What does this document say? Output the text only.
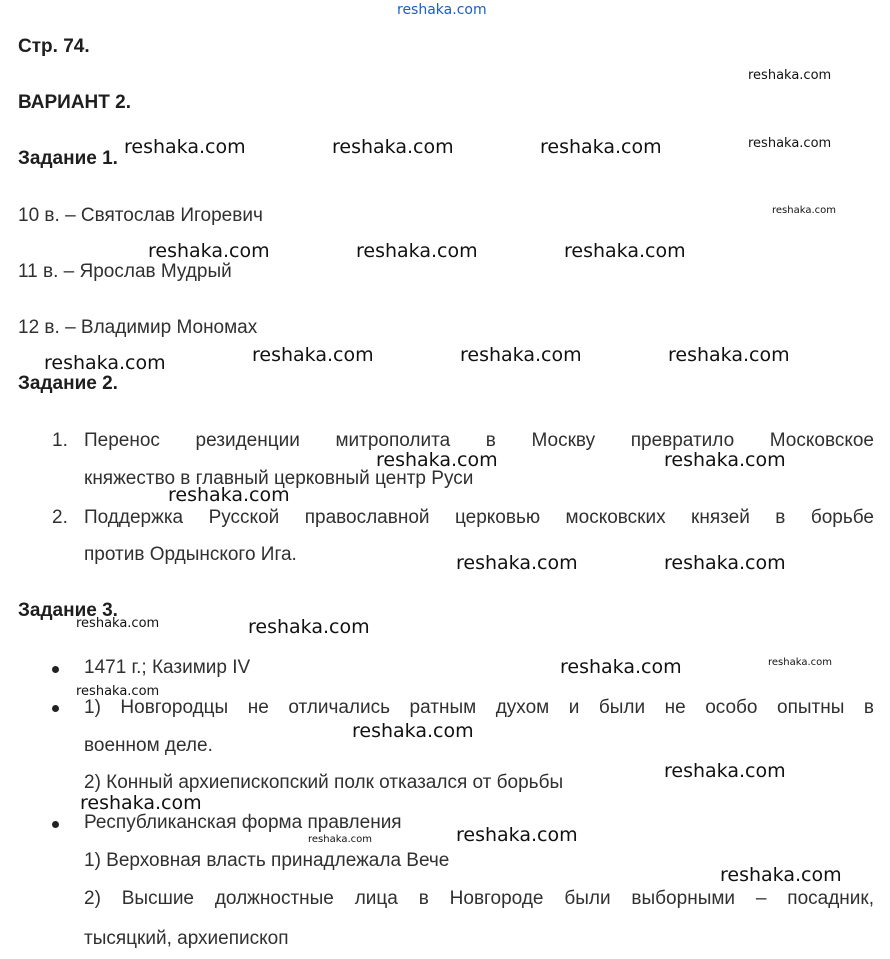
reshaka.com
Стр. 74.
ВАРИАНТ 2.
Задание 1.
10 в. – Святослав Игоревич
11 в. – Ярослав Мудрый
12 в. – Владимир Мономах
Задание 2.
1. Перенос резиденции митрополита в Москву превратило Московское
княжество в главный церковный центр Руси
2. Поддержка Русской православной церковью московских князей в борьбе
против Ордынского Ига.
Задание 3.
1471 г.; Казимир IV
1) Новгородцы не отличались ратным духом и были не особо опытны в
военном деле.
2) Конный архиепископский полк отказался от борьбы
Республиканская форма правления
1) Верховная власть принадлежала Вече
2) Высшие должностные лица в Новгороде были выборными – посадник,
тысяцкий, архиепископ
reshaka.com
reshaka.com
reshaka.com
reshaka.com	reshaka.com	reshaka.com
reshaka.com	reshaka.com	reshaka.com
reshaka.com	reshaka.com	reshaka.com	reshaka.com
reshaka.com	reshaka.com
reshaka.com
reshaka.com	reshaka.com
reshaka.com	reshaka.com
reshaka.com	reshaka.com
reshaka.com
reshaka.com
reshaka.com
reshaka.com
reshaka.com	reshaka.com
reshaka.com
